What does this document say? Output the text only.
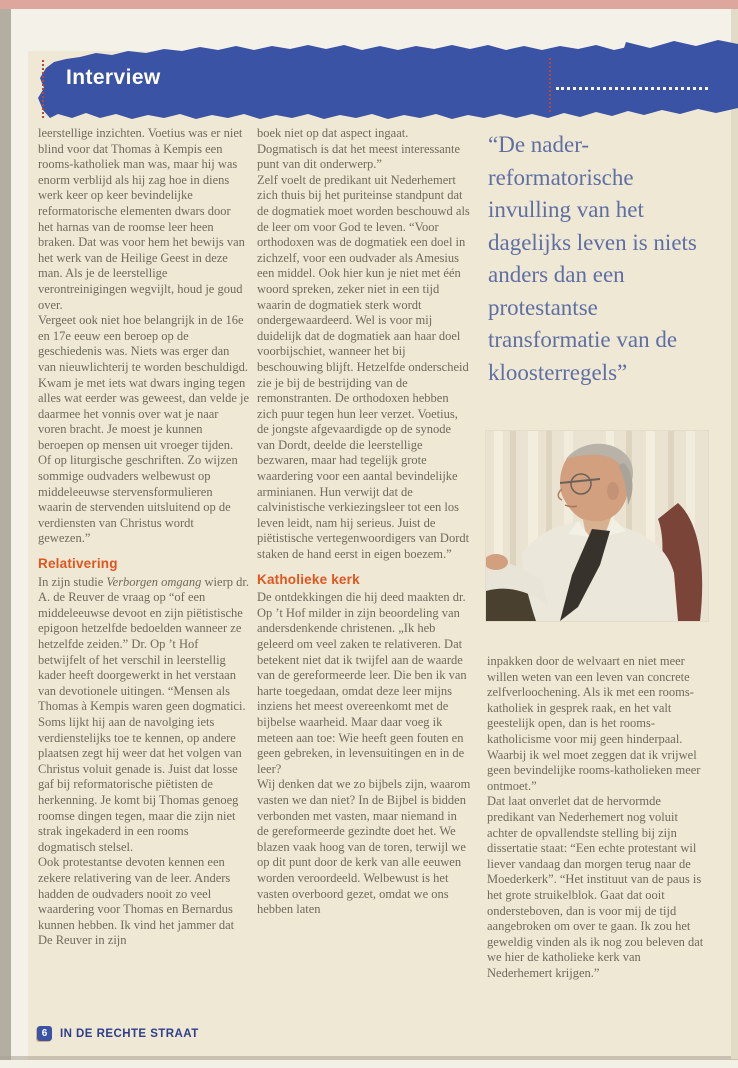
Interview

leerstellige inzichten. Voetius was er niet blind voor dat Thomas à Kempis een rooms-katholiek man was, maar hij was enorm verblijd als hij zag hoe in diens werk keer op keer bevindelijke reformatorische elementen dwars door het harnas van de roomse leer heen braken. Dat was voor hem het bewijs van het werk van de Heilige Geest in deze man. Als je de leerstellige verontreinigingen wegvijlt, houd je goud over.

Vergeet ook niet hoe belangrijk in de 16e en 17e eeuw een beroep op de geschiedenis was. Niets was erger dan van nieuwlichterij te worden beschuldigd. Kwam je met iets wat dwars inging tegen alles wat eerder was geweest, dan velde je daarmee het vonnis over wat je naar voren bracht. Je moest je kunnen beroepen op mensen uit vroeger tijden. Of op liturgische geschriften. Zo wijzen sommige oudvaders welbewust op middeleeuwse stervensformulieren waarin de stervenden uitsluitend op de verdiensten van Christus wordt gewezen.”

Relativering

In zijn studie Verborgen omgang wierp dr. A. de Reuver de vraag op “of een middeleeuwse devoot en zijn piëtistische epigoon hetzelfde bedoelden wanneer ze hetzelfde zeiden.” Dr. Op ’t Hof betwijfelt of het verschil in leerstellig kader heeft doorgewerkt in het verstaan van devotionele uitingen. “Mensen als Thomas à Kempis waren geen dogmatici. Soms lijkt hij aan de navolging iets verdienstelijks toe te kennen, op andere plaatsen zegt hij weer dat het volgen van Christus voluit genade is. Juist dat losse gaf bij reformatorische piëtisten de herkenning. Je komt bij Thomas genoeg roomse dingen tegen, maar die zijn niet strak ingekaderd in een rooms dogmatisch stelsel.

Ook protestantse devoten kennen een zekere relativering van de leer. Anders hadden de oudvaders nooit zo veel waardering voor Thomas en Bernardus kunnen hebben. Ik vind het jammer dat De Reuver in zijn

boek niet op dat aspect ingaat. Dogmatisch is dat het meest interessante punt van dit onderwerp.”

Zelf voelt de predikant uit Nederhemert zich thuis bij het puriteinse standpunt dat de dogmatiek moet worden beschouwd als de leer om voor God te leven. “Voor orthodoxen was de dogmatiek een doel in zichzelf, voor een oudvader als Amesius een middel. Ook hier kun je niet met één woord spreken, zeker niet in een tijd waarin de dogmatiek sterk wordt ondergewaardeerd. Wel is voor mij duidelijk dat de dogmatiek aan haar doel voorbijschiet, wanneer het bij beschouwing blijft. Hetzelfde onderscheid zie je bij de bestrijding van de remonstranten. De orthodoxen hebben zich puur tegen hun leer verzet. Voetius, de jongste afgevaardigde op de synode van Dordt, deelde die leerstellige bezwaren, maar had tegelijk grote waardering voor een aantal bevindelijke arminianen. Hun verwijt dat de calvinistische verkiezingsleer tot een los leven leidt, nam hij serieus. Juist de piëtistische vertegenwoordigers van Dordt staken de hand eerst in eigen boezem.”

Katholieke kerk

De ontdekkingen die hij deed maakten dr. Op ’t Hof milder in zijn beoordeling van andersdenkende christenen. „Ik heb geleerd om veel zaken te relativeren. Dat betekent niet dat ik twijfel aan de waarde van de gereformeerde leer. Die ben ik van harte toegedaan, omdat deze leer mijns inziens het meest overeenkomt met de bijbelse waarheid. Maar daar voeg ik meteen aan toe: Wie heeft geen fouten en geen gebreken, in levensuitingen en in de leer?

Wij denken dat we zo bijbels zijn, waarom vasten we dan niet? In de Bijbel is bidden verbonden met vasten, maar niemand in de gereformeerde gezindte doet het. We blazen vaak hoog van de toren, terwijl we op dit punt door de kerk van alle eeuwen worden veroordeeld. Welbewust is het vasten overboord gezet, omdat we ons hebben laten

“De nader-reformatorische invulling van het dagelijks leven is niets anders dan een protestantse transformatie van de kloosterregels”

inpakken door de welvaart en niet meer willen weten van een leven van concrete zelfverloochening. Als ik met een rooms-katholiek in gesprek raak, en het valt geestelijk open, dan is het rooms-katholicisme voor mij geen hinderpaal. Waarbij ik wel moet zeggen dat ik vrijwel geen bevindelijke rooms-katholieken meer ontmoet.”

Dat laat onverlet dat de hervormde predikant van Nederhemert nog voluit achter de opvallendste stelling bij zijn dissertatie staat: “Een echte protestant wil liever vandaag dan morgen terug naar de Moederkerk”. “Het instituut van de paus is het grote struikelblok. Gaat dat ooit ondersteboven, dan is voor mij de tijd aangebroken om over te gaan. Ik zou het geweldig vinden als ik nog zou beleven dat we hier de katholieke kerk van Nederhemert krijgen.”

6	IN DE RECHTE STRAAT
